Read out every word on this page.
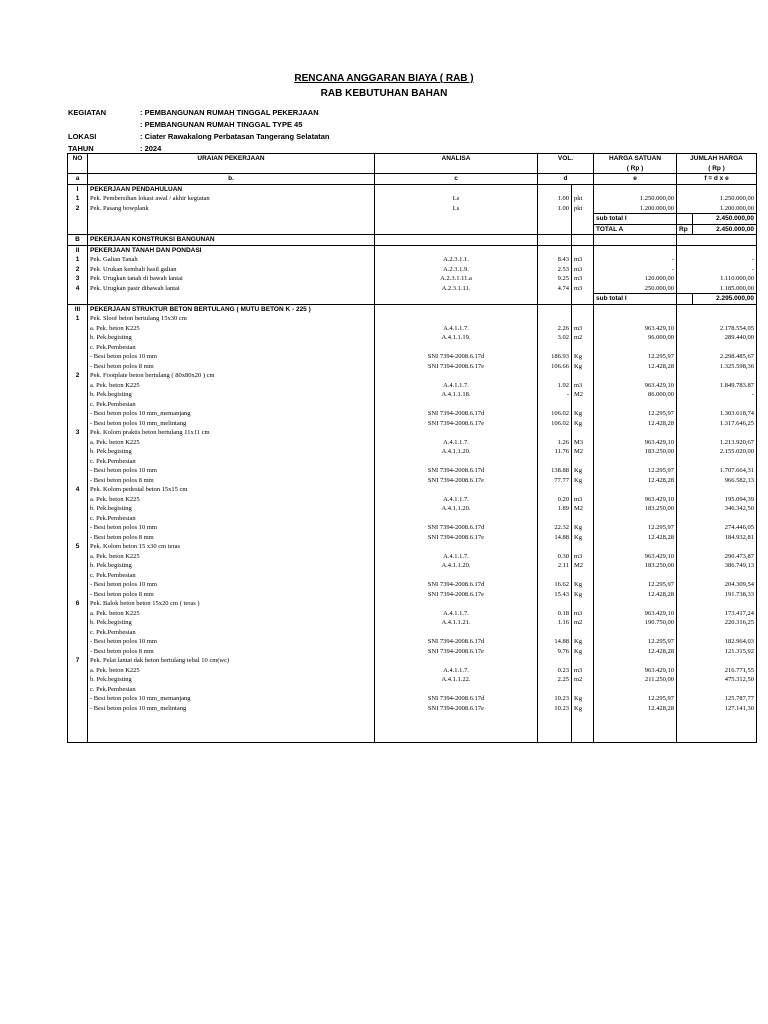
RENCANA ANGGARAN BIAYA ( RAB )
RAB KEBUTUHAN BAHAN
KEGIATAN	: PEMBANGUNAN RUMAH TINGGAL PEKERJAAN
: PEMBANGUNAN RUMAH TINGGAL TYPE 45
LOKASI	: Ciater Rawakalong Perbatasan Tangerang Selatatan
TAHUN	: 2024
NO	URAIAN PEKERJAAN	ANALISA	VOL.		HARGA SATUAN	JUMLAH HARGA	
					( Rp )	( Rp )	
a	b.	c	d		e	f = d x e	
I	PEKERJAAN PENDAHULUAN						
1	Pek. Pembersihan lokasi awal / akhir kegiatan	Ls	1.00	pkt	1.250.000,00		1.250.000,00
2	Pek. Pasang bowplank	Ls	1.00	pkt	1.200.000,00		1.200.000,00
					sub total I		2.450.000,00
					TOTAL A	Rp	2.450.000,00
B	PEKERJAAN KONSTRUKSI BANGUNAN						
II	PEKERJAAN TANAH DAN PONDASI						
1	Pek. Galian Tanah	A.2.3.1.1.	8.43	m3	-		-
2	Pek. Urukan kembali hasil galian	A.2.3.1.9.	2.53	m3	-		-
3	Pek. Urugkan tanah di bawah lantai	A.2.3.1.11.a	9.25	m3	120.000,00		1.110.000,00
4	Pek. Urugkan pasir dibawah lantai	A.2.3.1.11.	4.74	m3	250.000,00		1.185.000,00
					sub total I		2.295.000,00
III	PEKERJAAN STRUKTUR BETON BERTULANG ( MUTU BETON K - 225 )						
1	Pek. Sloof beton bertulang 15x30 cm						
	a. Pek. beton K225	A.4.1.1.7.	2.26	m3	963.429,10		2.178.554,05
	b. Pek.begisting	A.4.1.1.19.	3.02	m2	96.000,00		289.440,00
	c. Pek.Pembesian						
	- Besi beton polos 10 mm	SNI 7394-2008.6.17d	186.93	Kg	12.295,97		2.298.485,67
	- Besi beton polos 8 mm	SNI 7394-2008.6.17e	106.66	Kg	12.428,28		1.325.598,36
2	Pek. Footplate beton bertulang ( 80x80x20 ) cm						
	a. Pek. beton K225	A.4.1.1.7.	1.92	m3	963.429,10		1.849.783.87
	b. Pek.begisting	A.4.1.1.18.	-	M2	86.000,00		-
	c. Pek.Pembesian						
	- Besi beton polos 10 mm_memanjang	SNI 7394-2008.6.17d	106.02	Kg	12.295,97		1.303.618,74
	- Besi beton polos 10 mm_melintang	SNI 7394-2008.6.17e	106.02	Kg	12.428,28		1.317.646,25
3	Pek. Kolom praktis beton bertulang 11x11 cm						
	a. Pek. beton K225	A.4.1.1.7.	1.26	M3	963.429,10		1.213.920,67
	b. Pek.begisting	A.4.1.1.20.	11.76	M2	183.250,00		2.155.020,00
	c. Pek.Pembesian						
	- Besi beton polos 10 mm	SNI 7394-2008.6.17d	138.88	Kg	12.295,97		1.707.664,31
	- Besi beton polos 8 mm	SNI 7394-2008.6.17e	77.77	Kg	12.428,28		966.582,13
4	Pek. Kolom pedestal beton 15x15 cm						
	a. Pek. beton K225	A.4.1.1.7.	0.20	m3	963.429,10		195.094,39
	b. Pek.begisting	A.4.1.1.20.	1.89	M2	183.250,00		346.342,50
	c. Pek.Pembesian						
	- Besi beton polos 10 mm	SNI 7394-2008.6.17d	22.32	Kg	12.295,97		274.446,05
	- Besi beton polos 8 mm	SNI 7394-2008.6.17e	14.88	Kg	12.428,28		184.932,81
5	Pek. Kolom beton 15 x30 cm teras						
	a. Pek. beton K225	A.4.1.1.7.	0.30	m3	963.429,10		290.473,87
	b. Pek.begisting	A.4.1.1.20.	2.11	M2	183.250,00		386.749,13
	c. Pek.Pembesian						
	- Besi beton polos 10 mm	SNI 7394-2008.6.17d	16.62	Kg	12.295,97		204.309,54
	- Besi beton polos 8 mm	SNI 7394-2008.6.17e	15.43	Kg	12.428,28		191.738,33
6	Pek. Balok beton beton 15x20 cm ( teras )						
	a. Pek. beton K225	A.4.1.1.7.	0.18	m3	963.429,10		173.417,24
	b. Pek.begisting	A.4.1.1.21.	1.16	m2	190.750,00		220.316,25
	c. Pek.Pembesian						
	- Besi beton polos 10 mm	SNI 7394-2008.6.17d	14.88	Kg	12.295,97		182.964,03
	- Besi beton polos 8 mm	SNI 7394-2008.6.17e	9.76	Kg	12.428,28		121.315,92
7	Pek. Pelat lantai dak beton bertulang tebal 10 cm(wc)						
	a. Pek. beton K225	A.4.1.1.7.	0.23	m3	963.429,10		216.771,55
	b. Pek.begisting	A.4.1.1.22.	2.25	m2	211.250,00		475.312,50
	c. Pek.Pembesian						
	- Besi beton polos 10 mm_memanjang	SNI 7394-2008.6.17d	10.23	Kg	12.295,97		125.787,77
	- Besi beton polos 10 mm_melintang	SNI 7394-2008.6.17e	10.23	Kg	12.428,28		127.141,30
